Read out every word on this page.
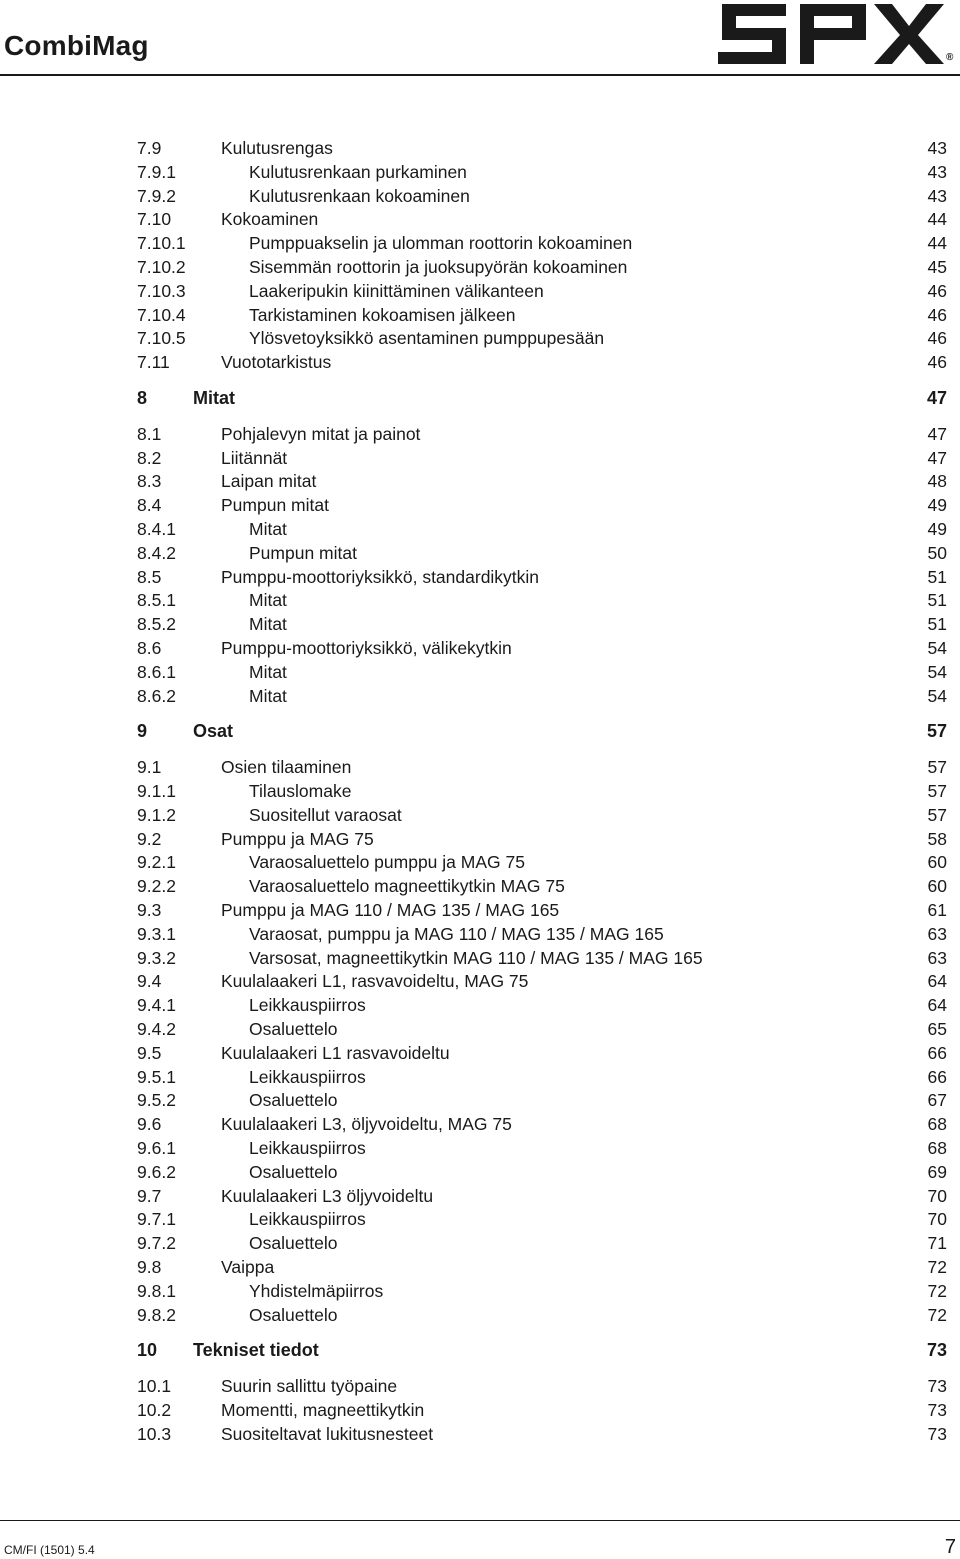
CombiMag	®
7.9	Kulutusrengas	43
7.9.1	Kulutusrenkaan purkaminen	43
7.9.2	Kulutusrenkaan kokoaminen	43
7.10	Kokoaminen	44
7.10.1	Pumppuakselin ja ulomman roottorin kokoaminen	44
7.10.2	Sisemmän roottorin ja juoksupyörän kokoaminen	45
7.10.3	Laakeripukin kiinittäminen välikanteen	46
7.10.4	Tarkistaminen kokoamisen jälkeen	46
7.10.5	Ylösvetoyksikkö asentaminen pumppupesään	46
7.11	Vuototarkistus	46
8	Mitat	47
8.1	Pohjalevyn mitat ja painot	47
8.2	Liitännät	47
8.3	Laipan mitat	48
8.4	Pumpun mitat	49
8.4.1	Mitat	49
8.4.2	Pumpun mitat	50
8.5	Pumppu-moottoriyksikkö, standardikytkin	51
8.5.1	Mitat	51
8.5.2	Mitat	51
8.6	Pumppu-moottoriyksikkö, välikekytkin	54
8.6.1	Mitat	54
8.6.2	Mitat	54
9	Osat	57
9.1	Osien tilaaminen	57
9.1.1	Tilauslomake	57
9.1.2	Suositellut varaosat	57
9.2	Pumppu ja MAG 75	58
9.2.1	Varaosaluettelo pumppu ja MAG 75	60
9.2.2	Varaosaluettelo magneettikytkin MAG 75	60
9.3	Pumppu ja MAG 110 / MAG 135 / MAG 165	61
9.3.1	Varaosat, pumppu ja MAG 110 / MAG 135 / MAG 165	63
9.3.2	Varsosat, magneettikytkin MAG 110 / MAG 135 / MAG 165	63
9.4	Kuulalaakeri L1, rasvavoideltu, MAG 75	64
9.4.1	Leikkauspiirros	64
9.4.2	Osaluettelo	65
9.5	Kuulalaakeri L1 rasvavoideltu	66
9.5.1	Leikkauspiirros	66
9.5.2	Osaluettelo	67
9.6	Kuulalaakeri L3, öljyvoideltu, MAG 75	68
9.6.1	Leikkauspiirros	68
9.6.2	Osaluettelo	69
9.7	Kuulalaakeri L3 öljyvoideltu	70
9.7.1	Leikkauspiirros	70
9.7.2	Osaluettelo	71
9.8	Vaippa	72
9.8.1	Yhdistelmäpiirros	72
9.8.2	Osaluettelo	72
10 Tekniset tiedot	73
10.1	Suurin sallittu työpaine	73
10.2	Momentti, magneettikytkin	73
10.3	Suositeltavat lukitusnesteet	73
CM/FI (1501) 5.4	7
